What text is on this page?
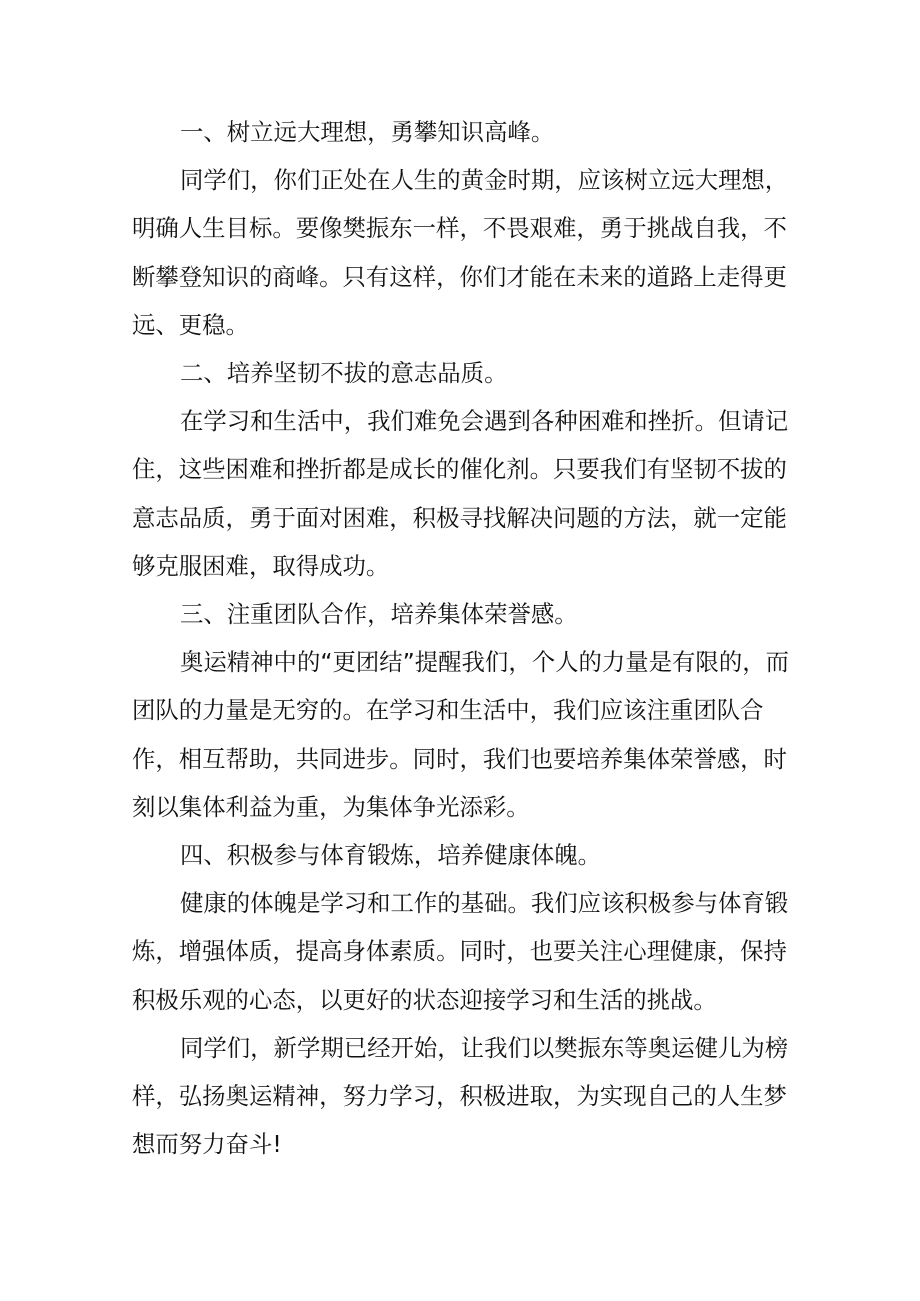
一、树立远大理想，勇攀知识高峰。

同学们，你们正处在人生的黄金时期，应该树立远大理想，明确人生目标。要像樊振东一样，不畏艰难，勇于挑战自我，不断攀登知识的商峰。只有这样，你们才能在未来的道路上走得更远、更稳。

二、培养坚韧不拔的意志品质。

在学习和生活中，我们难免会遇到各种困难和挫折。但请记住，这些困难和挫折都是成长的催化剂。只要我们有坚韧不拔的意志品质，勇于面对困难，积极寻找解决问题的方法，就一定能够克服困难，取得成功。

三、注重团队合作，培养集体荣誉感。

奥运精神中的“更团结”提醒我们，个人的力量是有限的，而团队的力量是无穷的。在学习和生活中，我们应该注重团队合作，相互帮助，共同进步。同时，我们也要培养集体荣誉感，时刻以集体利益为重，为集体争光添彩。

四、积极参与体育锻炼，培养健康体魄。

健康的体魄是学习和工作的基础。我们应该积极参与体育锻炼，增强体质，提高身体素质。同时，也要关注心理健康，保持积极乐观的心态，以更好的状态迎接学习和生活的挑战。

同学们，新学期已经开始，让我们以樊振东等奥运健儿为榜样，弘扬奥运精神，努力学习，积极进取，为实现自己的人生梦想而努力奋斗!
